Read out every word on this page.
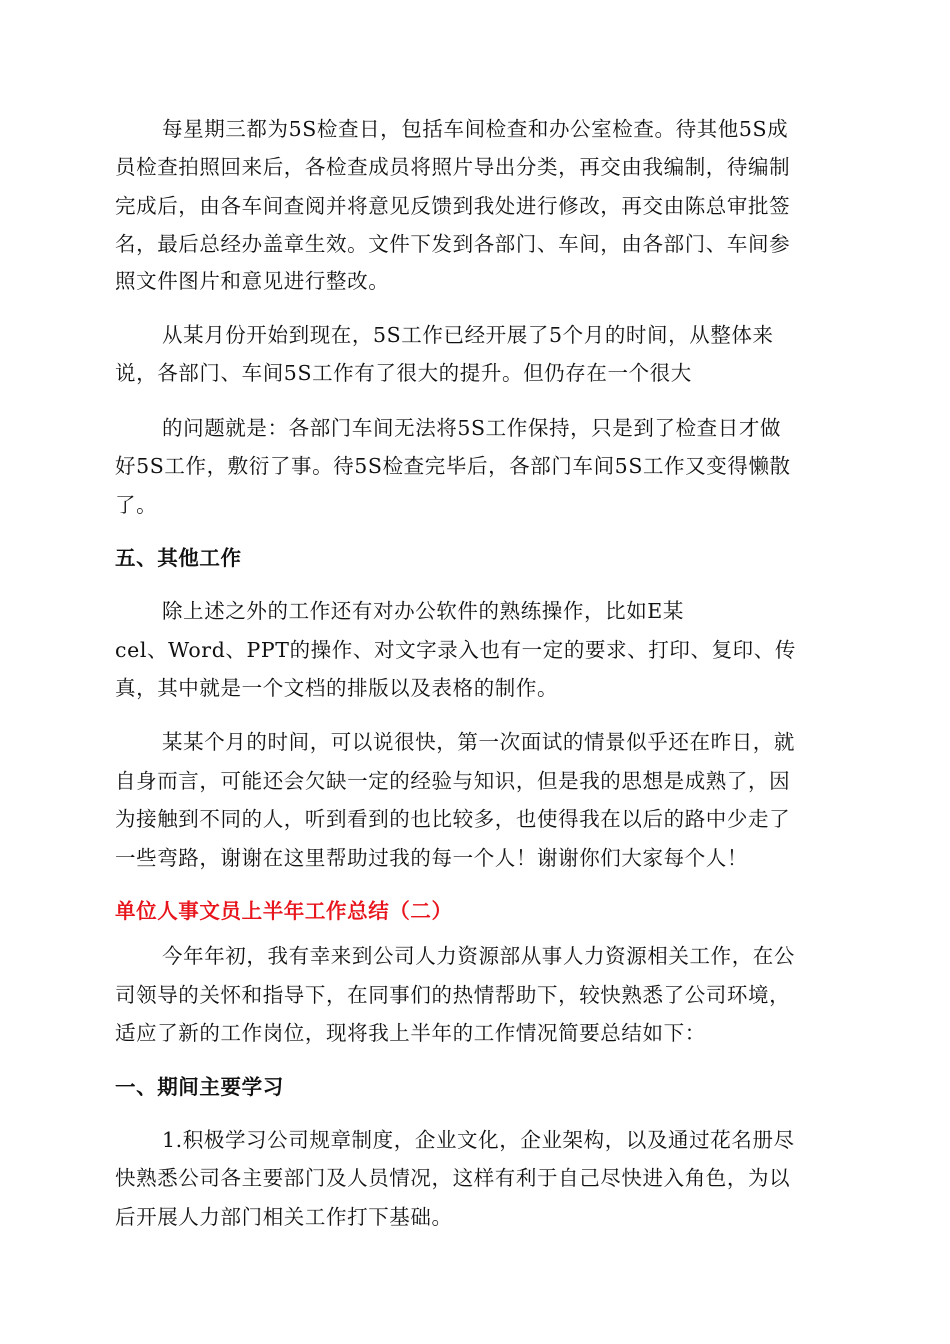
每星期三都为5S检查日，包括车间检查和办公室检查。待其他5S成
员检查拍照回来后，各检查成员将照片导出分类，再交由我编制，待编制
完成后，由各车间查阅并将意见反馈到我处进行修改，再交由陈总审批签
名，最后总经办盖章生效。文件下发到各部门、车间，由各部门、车间参
照文件图片和意见进行整改。
从某月份开始到现在，5S工作已经开展了5个月的时间，从整体来
说，各部门、车间5S工作有了很大的提升。但仍存在一个很大
的问题就是：各部门车间无法将5S工作保持，只是到了检查日才做
好5S工作，敷衍了事。待5S检查完毕后，各部门车间5S工作又变得懒散
了。
五、其他工作
除上述之外的工作还有对办公软件的熟练操作，比如E某
cel、Word、PPT的操作、对文字录入也有一定的要求、打印、复印、传
真，其中就是一个文档的排版以及表格的制作。
某某个月的时间，可以说很快，第一次面试的情景似乎还在昨日，就
自身而言，可能还会欠缺一定的经验与知识，但是我的思想是成熟了，因
为接触到不同的人，听到看到的也比较多，也使得我在以后的路中少走了
一些弯路，谢谢在这里帮助过我的每一个人！谢谢你们大家每个人！
单位人事文员上半年工作总结（二）
今年年初，我有幸来到公司人力资源部从事人力资源相关工作，在公
司领导的关怀和指导下，在同事们的热情帮助下，较快熟悉了公司环境，
适应了新的工作岗位，现将我上半年的工作情况简要总结如下：
一、期间主要学习
1.积极学习公司规章制度，企业文化，企业架构，以及通过花名册尽
快熟悉公司各主要部门及人员情况，这样有利于自己尽快进入角色，为以
后开展人力部门相关工作打下基础。
